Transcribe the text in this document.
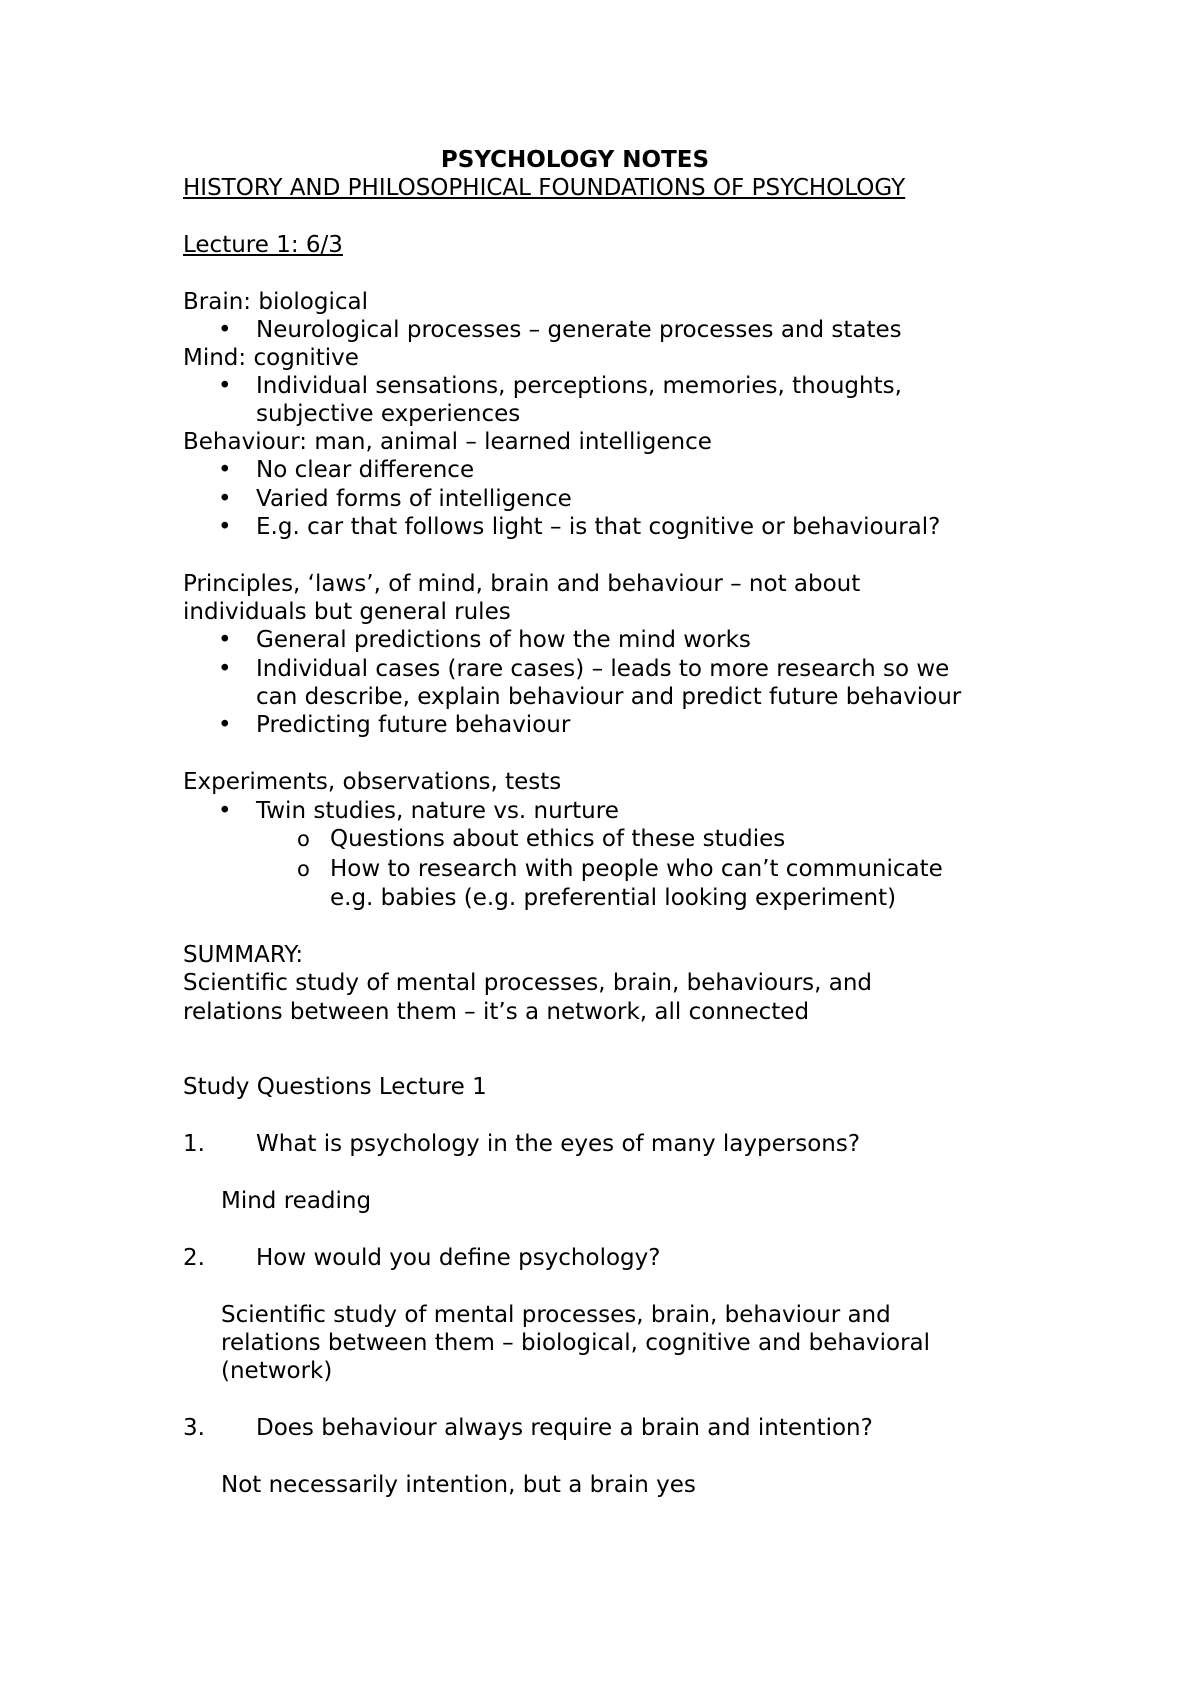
PSYCHOLOGY NOTES

HISTORY AND PHILOSOPHICAL FOUNDATIONS OF PSYCHOLOGY

Lecture 1: 6/3

Brain: biological

• Neurological processes – generate processes and states

Mind: cognitive

• Individual sensations, perceptions, memories, thoughts,

subjective experiences

Behaviour: man, animal – learned intelligence

• No clear difference

• Varied forms of intelligence

• E.g. car that follows light – is that cognitive or behavioural?

Principles, ‘laws’, of mind, brain and behaviour – not about

individuals but general rules

• General predictions of how the mind works

• Individual cases (rare cases) – leads to more research so we

can describe, explain behaviour and predict future behaviour

• Predicting future behaviour

Experiments, observations, tests

• Twin studies, nature vs. nurture

o Questions about ethics of these studies

o How to research with people who can’t communicate

e.g. babies (e.g. preferential looking experiment)

SUMMARY:

Scientific study of mental processes, brain, behaviours, and

relations between them – it’s a network, all connected

Study Questions Lecture 1

1. What is psychology in the eyes of many laypersons?

Mind reading

2. How would you define psychology?

Scientific study of mental processes, brain, behaviour and

relations between them – biological, cognitive and behavioral

(network)

3. Does behaviour always require a brain and intention?

Not necessarily intention, but a brain yes
